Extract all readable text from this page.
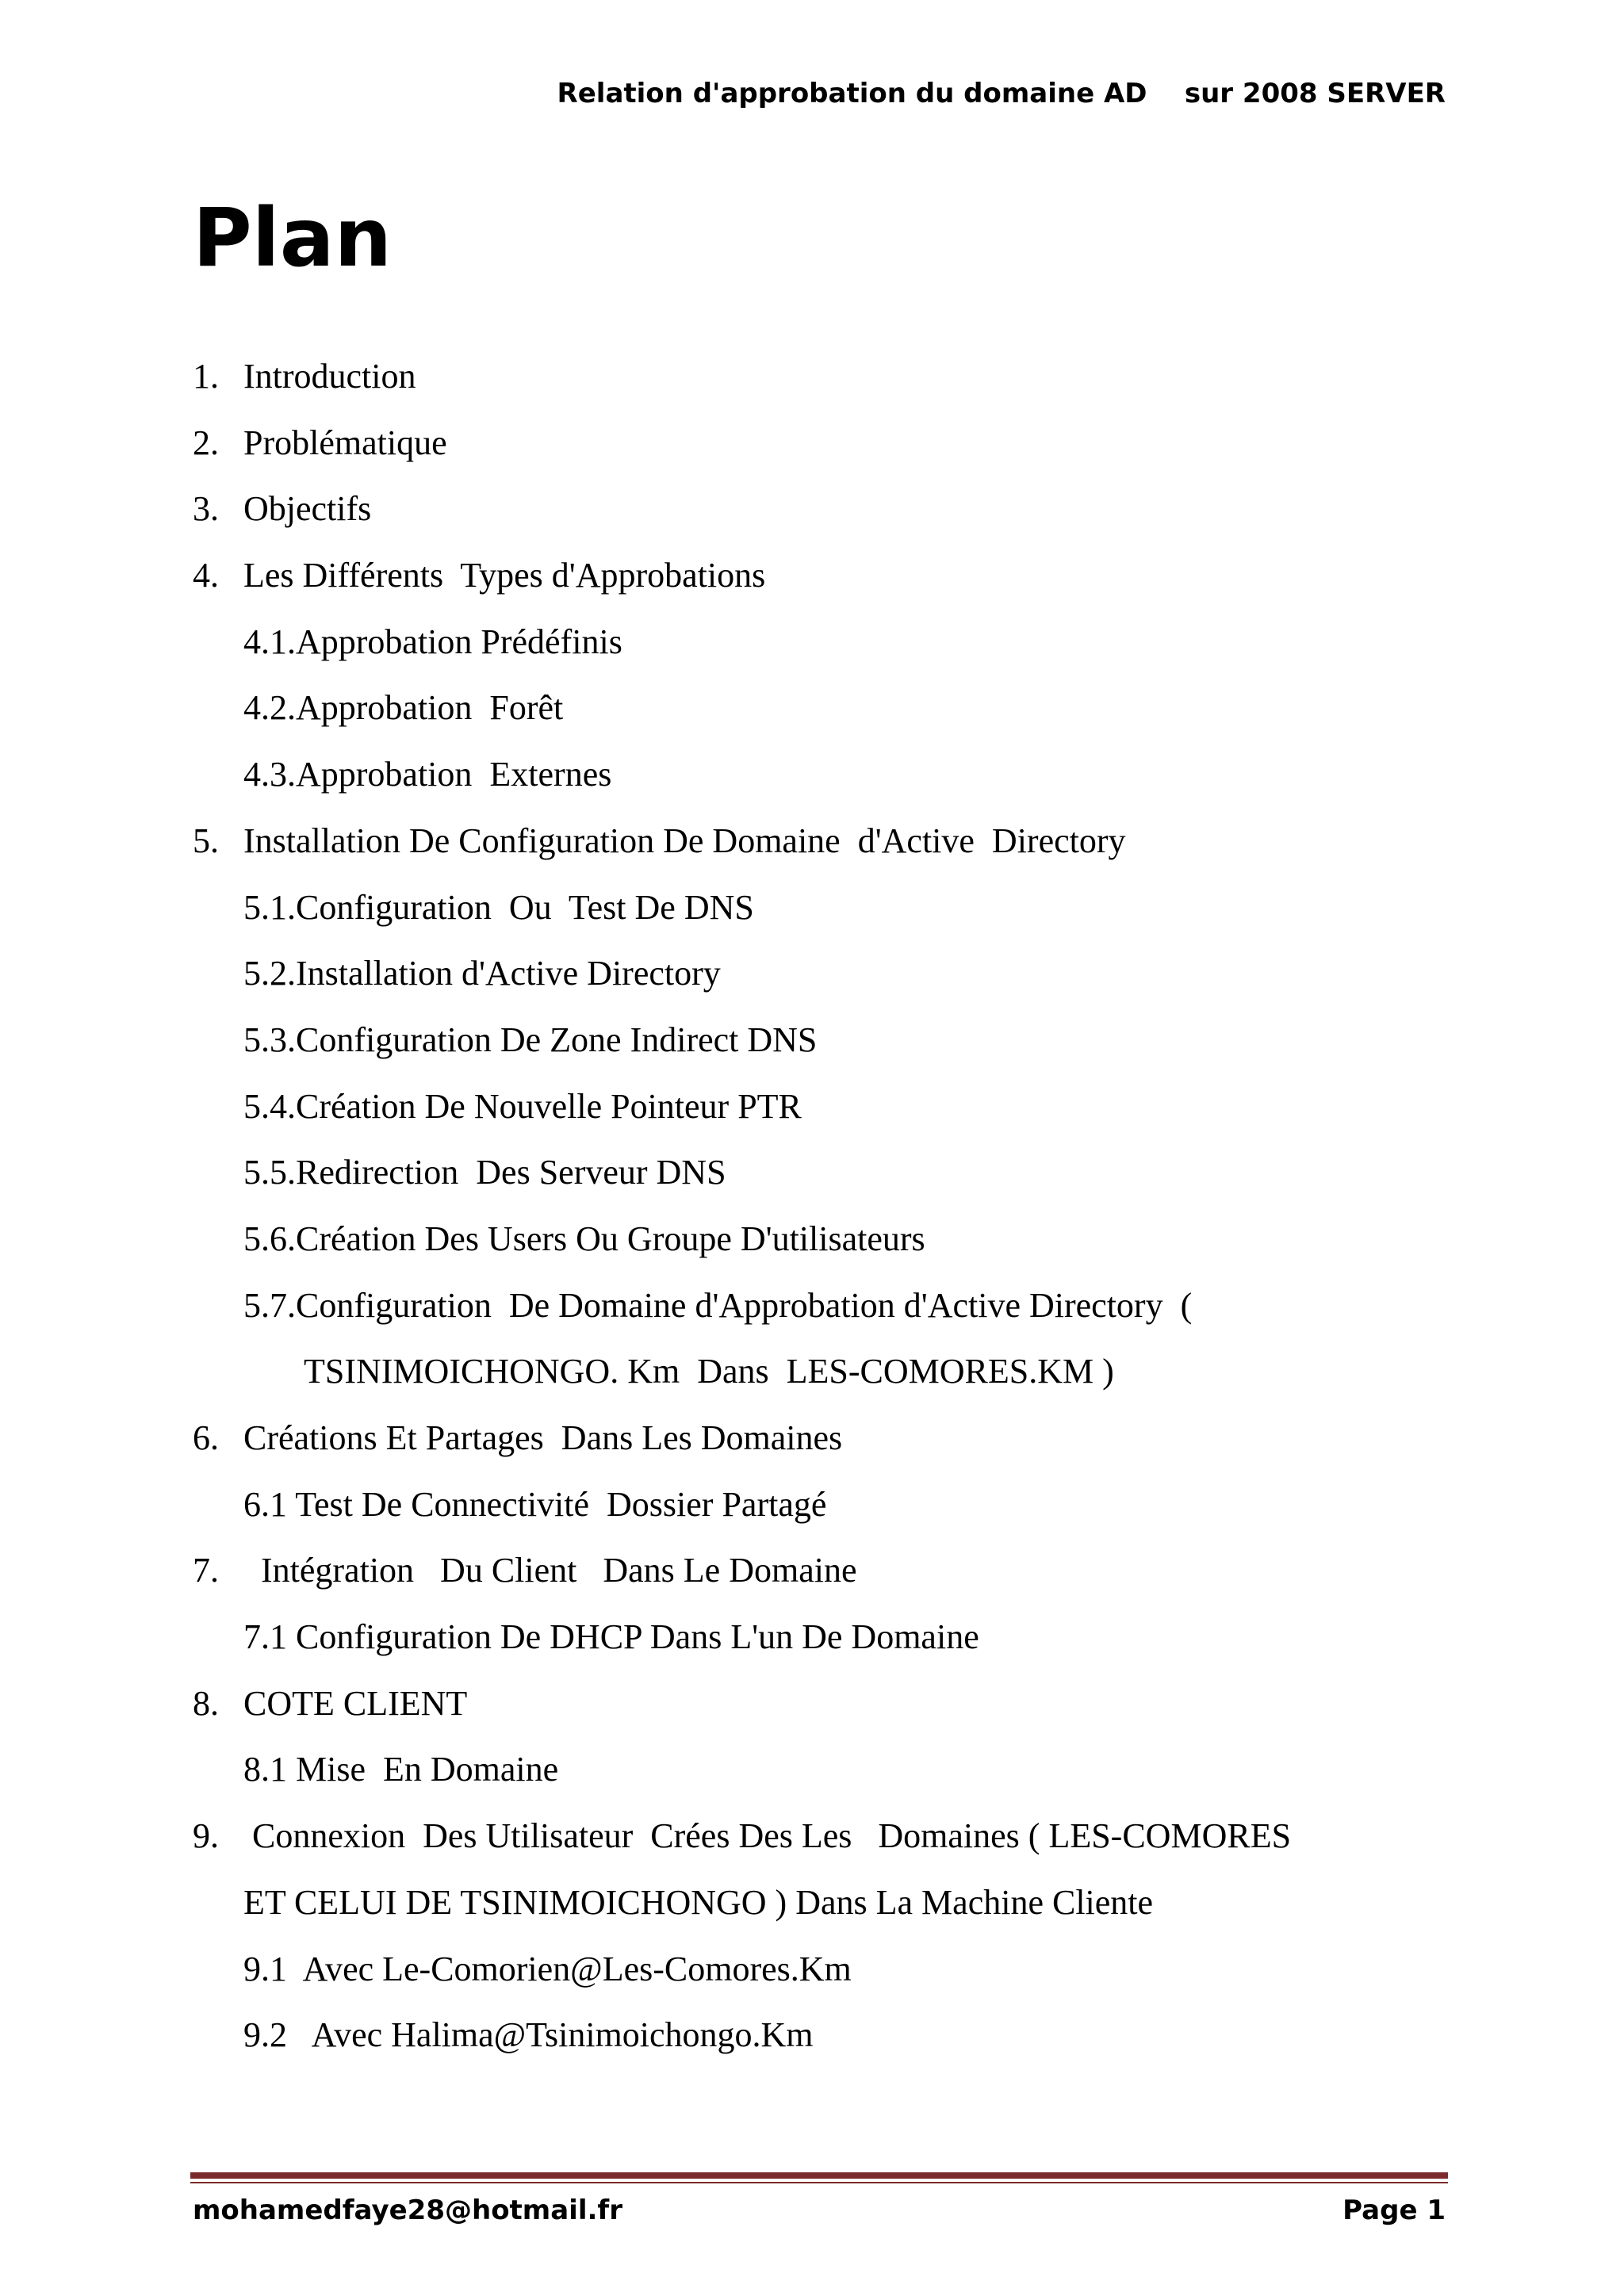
Relation d'approbation du domaine AD    sur 2008 SERVER
Plan
1. Introduction
2. Problématique
3. Objectifs
4. Les Différents  Types d'Approbations
4.1.Approbation Prédéfinis
4.2.Approbation  Forêt
4.3.Approbation  Externes
5. Installation De Configuration De Domaine  d'Active  Directory
5.1.Configuration  Ou  Test De DNS
5.2.Installation d'Active Directory
5.3.Configuration De Zone Indirect DNS
5.4.Création De Nouvelle Pointeur PTR
5.5.Redirection  Des Serveur DNS
5.6.Création Des Users Ou Groupe D'utilisateurs
5.7.Configuration  De Domaine d'Approbation d'Active Directory  (
TSINIMOICHONGO. Km  Dans  LES-COMORES.KM )
6. Créations Et Partages  Dans Les Domaines
6.1 Test De Connectivité  Dossier Partagé
7.  Intégration   Du Client   Dans Le Domaine
7.1 Configuration De DHCP Dans L'un De Domaine
8. COTE CLIENT
8.1 Mise  En Domaine
9. Connexion  Des Utilisateur  Crées Des Les   Domaines ( LES-COMORES
ET CELUI DE TSINIMOICHONGO ) Dans La Machine Cliente
9.1  Avec Le-Comorien@Les-Comores.Km
9.2   Avec Halima@Tsinimoichongo.Km
mohamedfaye28@hotmail.fr	Page 1
